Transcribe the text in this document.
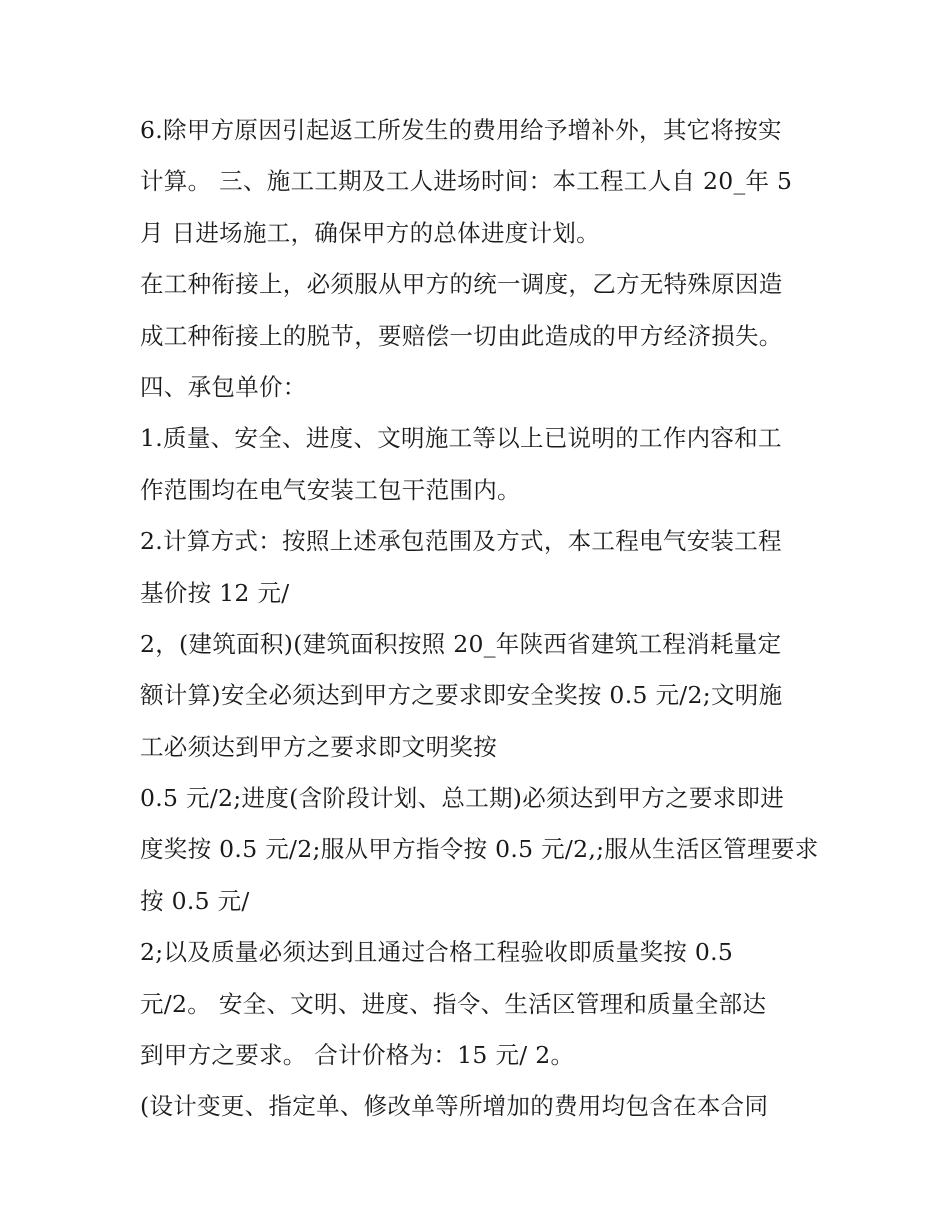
6.除甲方原因引起返工所发生的费用给予增补外，其它将按实
计算。 三、施工工期及工人进场时间：本工程工人自 20_年 5
月 日进场施工，确保甲方的总体进度计划。
在工种衔接上，必须服从甲方的统一调度，乙方无特殊原因造
成工种衔接上的脱节，要赔偿一切由此造成的甲方经济损失。
四、承包单价：
1.质量、安全、进度、文明施工等以上已说明的工作内容和工
作范围均在电气安装工包干范围内。
2.计算方式：按照上述承包范围及方式，本工程电气安装工程
基价按 12 元/
2，(建筑面积)(建筑面积按照 20_年陕西省建筑工程消耗量定
额计算)安全必须达到甲方之要求即安全奖按 0.5 元/2;文明施
工必须达到甲方之要求即文明奖按
0.5 元/2;进度(含阶段计划、总工期)必须达到甲方之要求即进
度奖按 0.5 元/2;服从甲方指令按 0.5 元/2,;服从生活区管理要求
按 0.5 元/
2;以及质量必须达到且通过合格工程验收即质量奖按 0.5
元/2。 安全、文明、进度、指令、生活区管理和质量全部达
到甲方之要求。 合计价格为：15 元/ 2。
(设计变更、指定单、修改单等所增加的费用均包含在本合同
